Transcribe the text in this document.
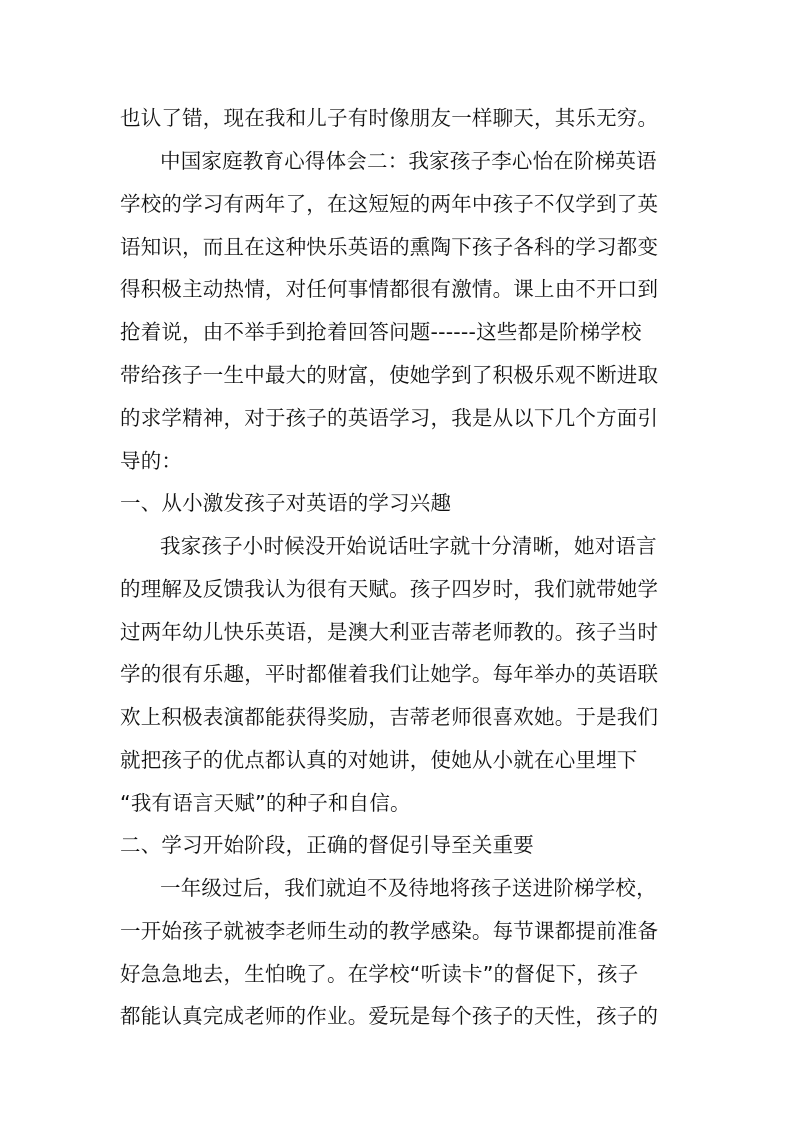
也认了错，现在我和儿子有时像朋友一样聊天，其乐无穷。
中国家庭教育心得体会二：我家孩子李心怡在阶梯英语
学校的学习有两年了，在这短短的两年中孩子不仅学到了英
语知识，而且在这种快乐英语的熏陶下孩子各科的学习都变
得积极主动热情，对任何事情都很有激情。课上由不开口到
抢着说，由不举手到抢着回答问题------这些都是阶梯学校
带给孩子一生中最大的财富，使她学到了积极乐观不断进取
的求学精神，对于孩子的英语学习，我是从以下几个方面引
导的：
一、从小激发孩子对英语的学习兴趣
我家孩子小时候没开始说话吐字就十分清晰，她对语言
的理解及反馈我认为很有天赋。孩子四岁时，我们就带她学
过两年幼儿快乐英语，是澳大利亚吉蒂老师教的。孩子当时
学的很有乐趣，平时都催着我们让她学。每年举办的英语联
欢上积极表演都能获得奖励，吉蒂老师很喜欢她。于是我们
就把孩子的优点都认真的对她讲，使她从小就在心里埋下
“我有语言天赋”的种子和自信。
二、学习开始阶段，正确的督促引导至关重要
一年级过后，我们就迫不及待地将孩子送进阶梯学校，
一开始孩子就被李老师生动的教学感染。每节课都提前准备
好急急地去，生怕晚了。在学校“听读卡”的督促下，孩子
都能认真完成老师的作业。爱玩是每个孩子的天性，孩子的
